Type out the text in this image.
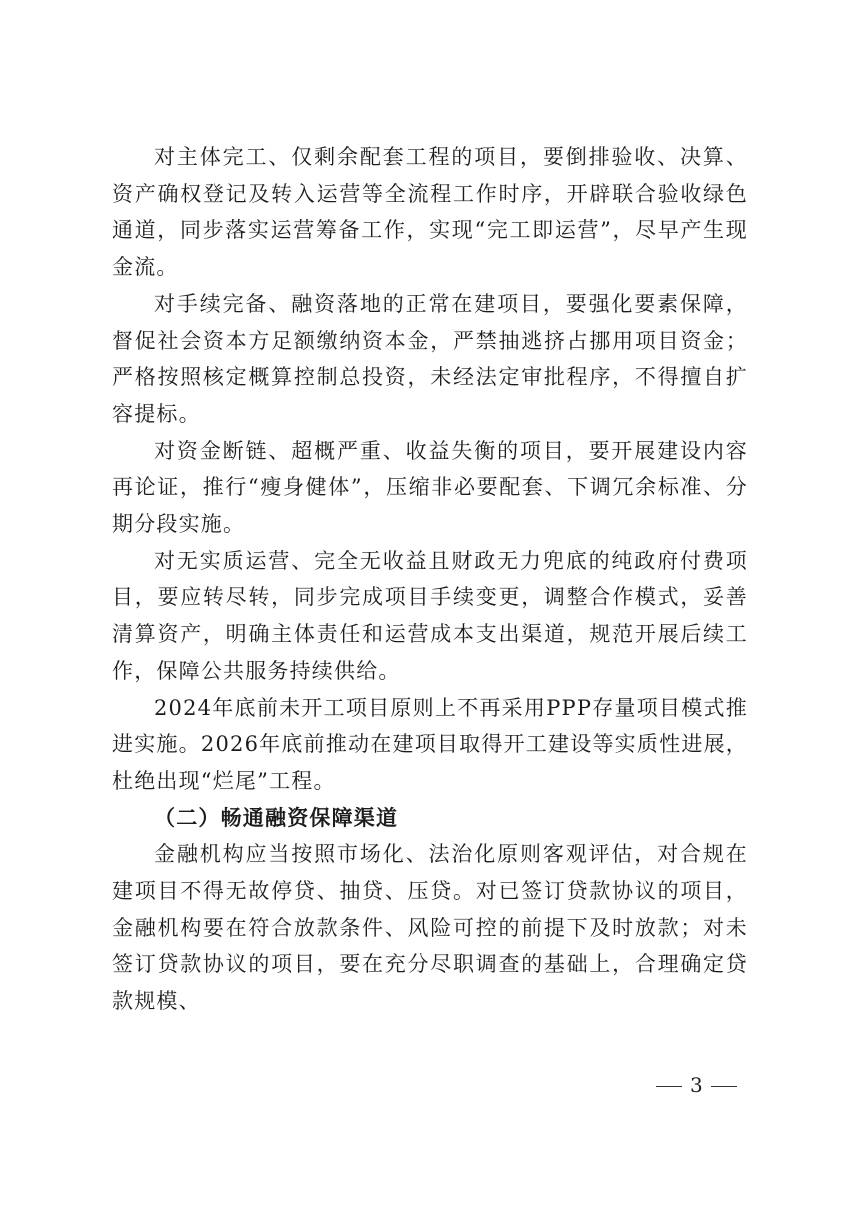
对主体完工、仅剩余配套工程的项目，要倒排验收、决算、资产确权登记及转入运营等全流程工作时序，开辟联合验收绿色通道，同步落实运营筹备工作，实现“完工即运营”，尽早产生现金流。

对手续完备、融资落地的正常在建项目，要强化要素保障，督促社会资本方足额缴纳资本金，严禁抽逃挤占挪用项目资金；严格按照核定概算控制总投资，未经法定审批程序，不得擅自扩容提标。

对资金断链、超概严重、收益失衡的项目，要开展建设内容再论证，推行“瘦身健体”，压缩非必要配套、下调冗余标准、分期分段实施。

对无实质运营、完全无收益且财政无力兜底的纯政府付费项目，要应转尽转，同步完成项目手续变更，调整合作模式，妥善清算资产，明确主体责任和运营成本支出渠道，规范开展后续工作，保障公共服务持续供给。

2024年底前未开工项目原则上不再采用PPP存量项目模式推进实施。2026年底前推动在建项目取得开工建设等实质性进展，杜绝出现“烂尾”工程。

（二）畅通融资保障渠道

金融机构应当按照市场化、法治化原则客观评估，对合规在建项目不得无故停贷、抽贷、压贷。对已签订贷款协议的项目，金融机构要在符合放款条件、风险可控的前提下及时放款；对未签订贷款协议的项目，要在充分尽职调查的基础上，合理确定贷款规模、

3
